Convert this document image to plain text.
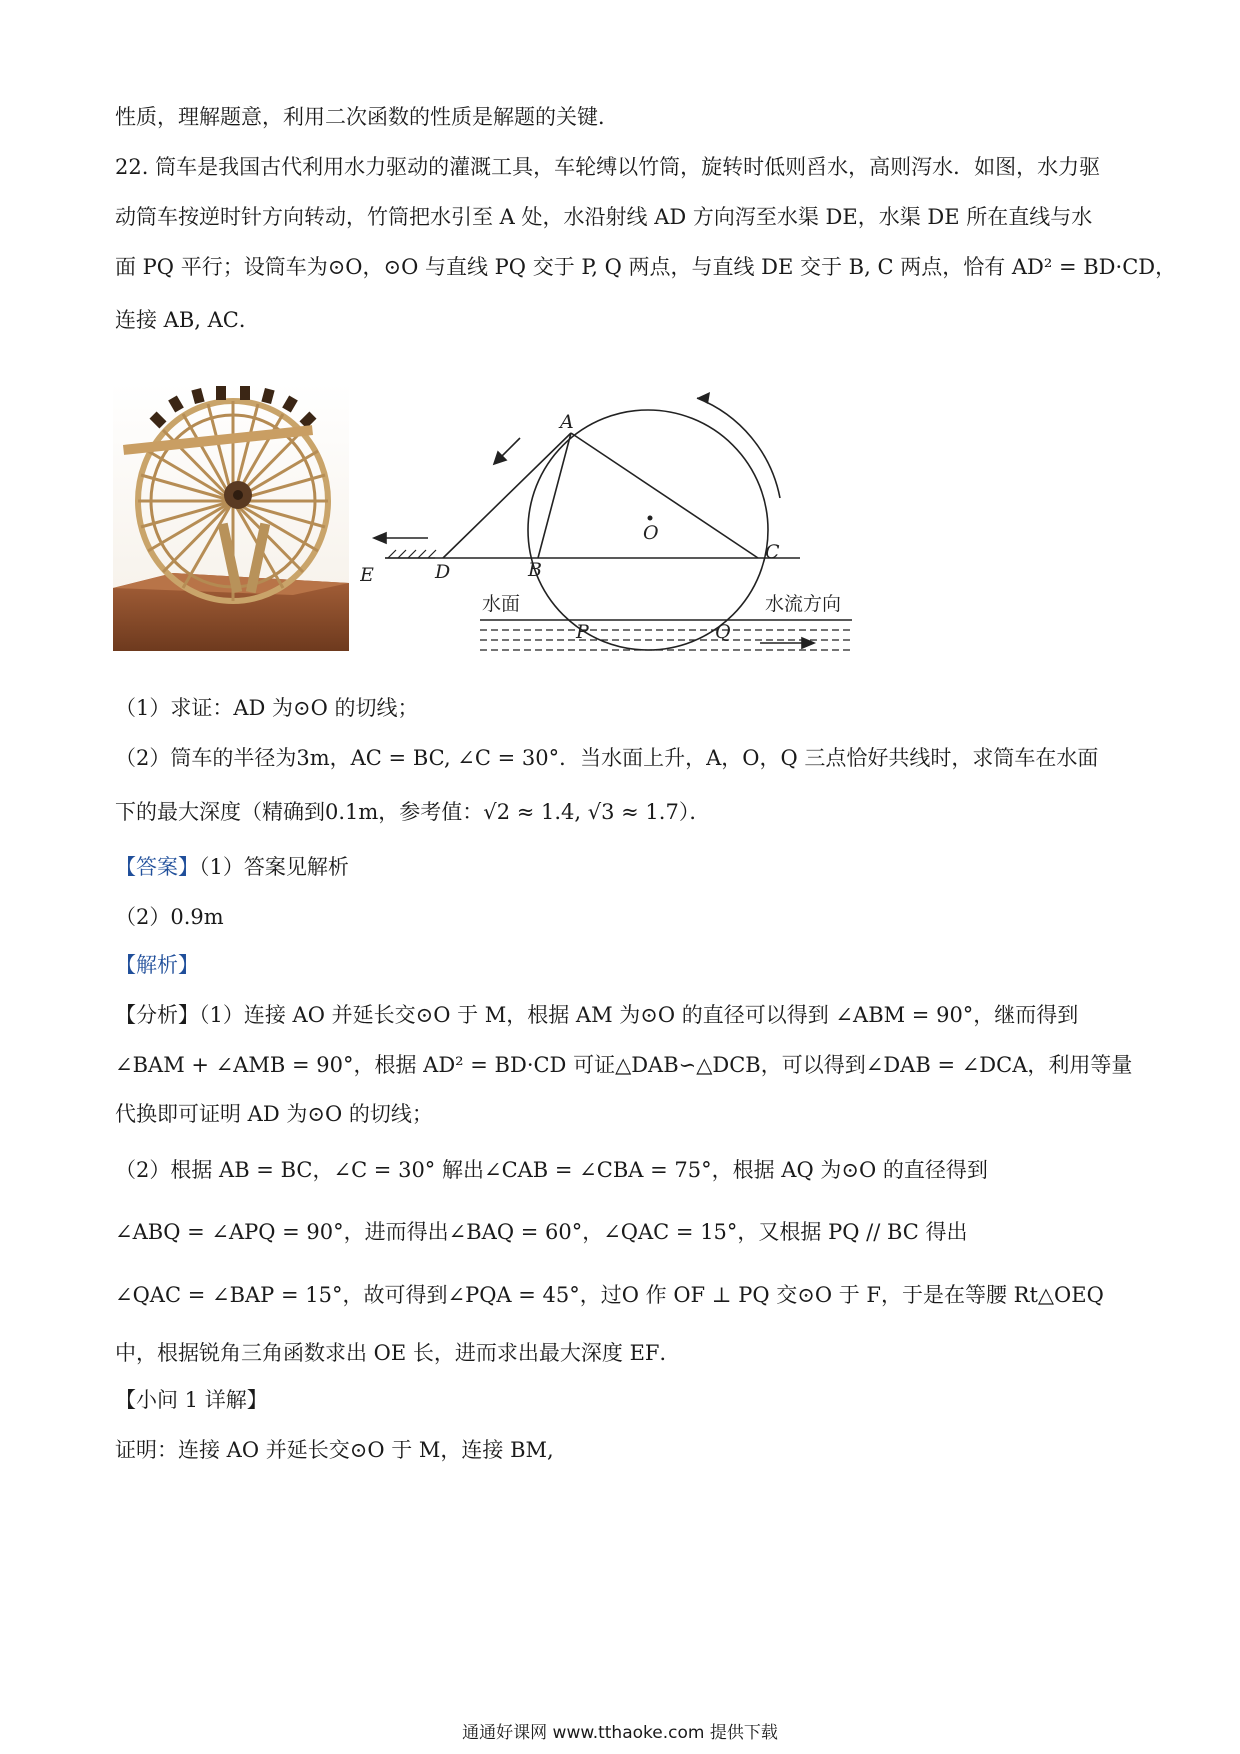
性质，理解题意，利用二次函数的性质是解题的关键．
22. 筒车是我国古代利用水力驱动的灌溉工具，车轮缚以竹筒，旋转时低则舀水，高则泻水．如图，水力驱
动筒车按逆时针方向转动，竹筒把水引至 A 处，水沿射线 AD 方向泻至水渠 DE，水渠 DE 所在直线与水
面 PQ 平行；设筒车为⊙O，⊙O 与直线 PQ 交于 P, Q 两点，与直线 DE 交于 B, C 两点，恰有 AD² = BD·CD，
连接 AB, AC．
A
B
C
D
E
O
P	Q
水面	水流方向
（1）求证：AD 为⊙O 的切线；
（2）筒车的半径为3m，AC = BC, ∠C = 30°．当水面上升，A，O，Q 三点恰好共线时，求筒车在水面
下的最大深度（精确到0.1m，参考值：√2 ≈ 1.4, √3 ≈ 1.7）．
【答案】（1）答案见解析
（2）0.9m
【解析】
【分析】（1）连接 AO 并延长交⊙O 于 M，根据 AM 为⊙O 的直径可以得到 ∠ABM = 90°，继而得到
∠BAM + ∠AMB = 90°，根据 AD² = BD·CD 可证△DAB∽△DCB，可以得到∠DAB = ∠DCA，利用等量
代换即可证明 AD 为⊙O 的切线；
（2）根据 AB = BC，∠C = 30° 解出∠CAB = ∠CBA = 75°，根据 AQ 为⊙O 的直径得到
∠ABQ = ∠APQ = 90°，进而得出∠BAQ = 60°，∠QAC = 15°，又根据 PQ // BC 得出
∠QAC = ∠BAP = 15°，故可得到∠PQA = 45°，过O 作 OF ⊥ PQ 交⊙O 于 F，于是在等腰 Rt△OEQ
中，根据锐角三角函数求出 OE 长，进而求出最大深度 EF．
【小问 1 详解】
证明：连接 AO 并延长交⊙O 于 M，连接 BM,
通通好课网 www.tthaoke.com 提供下载
